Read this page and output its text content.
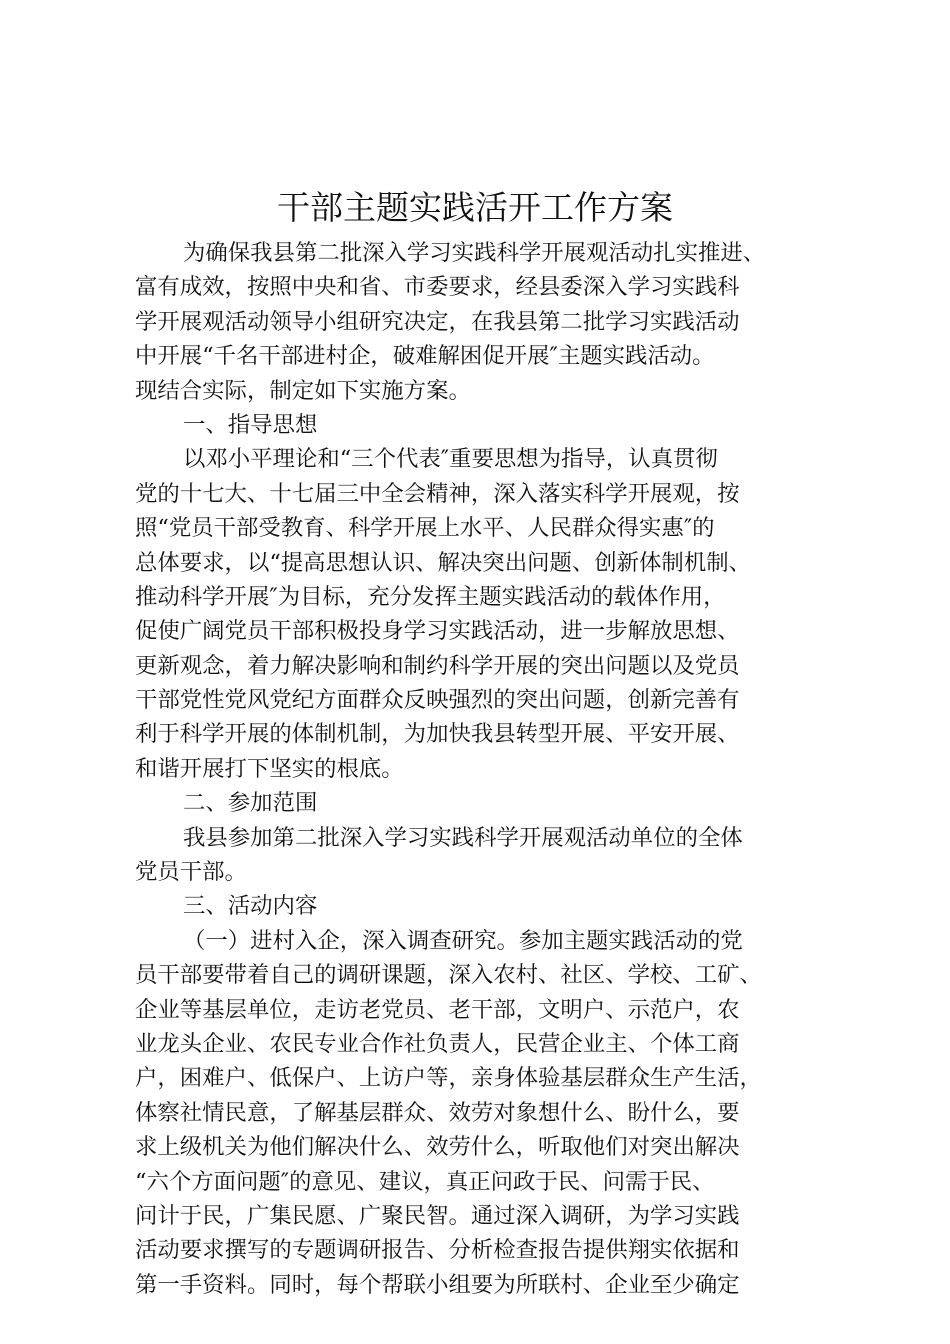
干部主题实践活开工作方案
为确保我县第二批深入学习实践科学开展观活动扎实推进、
富有成效，按照中央和省、市委要求，经县委深入学习实践科
学开展观活动领导小组研究决定，在我县第二批学习实践活动
中开展“千名干部进村企，破难解困促开展″主题实践活动。
现结合实际，制定如下实施方案。
一、指导思想
以邓小平理论和“三个代表″重要思想为指导，认真贯彻
党的十七大、十七届三中全会精神，深入落实科学开展观，按
照“党员干部受教育、科学开展上水平、人民群众得实惠″的
总体要求，以“提高思想认识、解决突出问题、创新体制机制、
推动科学开展″为目标，充分发挥主题实践活动的载体作用，
促使广阔党员干部积极投身学习实践活动，进一步解放思想、
更新观念，着力解决影响和制约科学开展的突出问题以及党员
干部党性党风党纪方面群众反映强烈的突出问题，创新完善有
利于科学开展的体制机制，为加快我县转型开展、平安开展、
和谐开展打下坚实的根底。
二、参加范围
我县参加第二批深入学习实践科学开展观活动单位的全体
党员干部。
三、活动内容
（一）进村入企，深入调查研究。参加主题实践活动的党
员干部要带着自己的调研课题，深入农村、社区、学校、工矿、
企业等基层单位，走访老党员、老干部，文明户、示范户，农
业龙头企业、农民专业合作社负责人，民营企业主、个体工商
户，困难户、低保户、上访户等，亲身体验基层群众生产生活，
体察社情民意，了解基层群众、效劳对象想什么、盼什么，要
求上级机关为他们解决什么、效劳什么，听取他们对突出解决
“六个方面问题″的意见、建议，真正问政于民、问需于民、
问计于民，广集民愿、广聚民智。通过深入调研，为学习实践
活动要求撰写的专题调研报告、分析检查报告提供翔实依据和
第一手资料。同时，每个帮联小组要为所联村、企业至少确定
